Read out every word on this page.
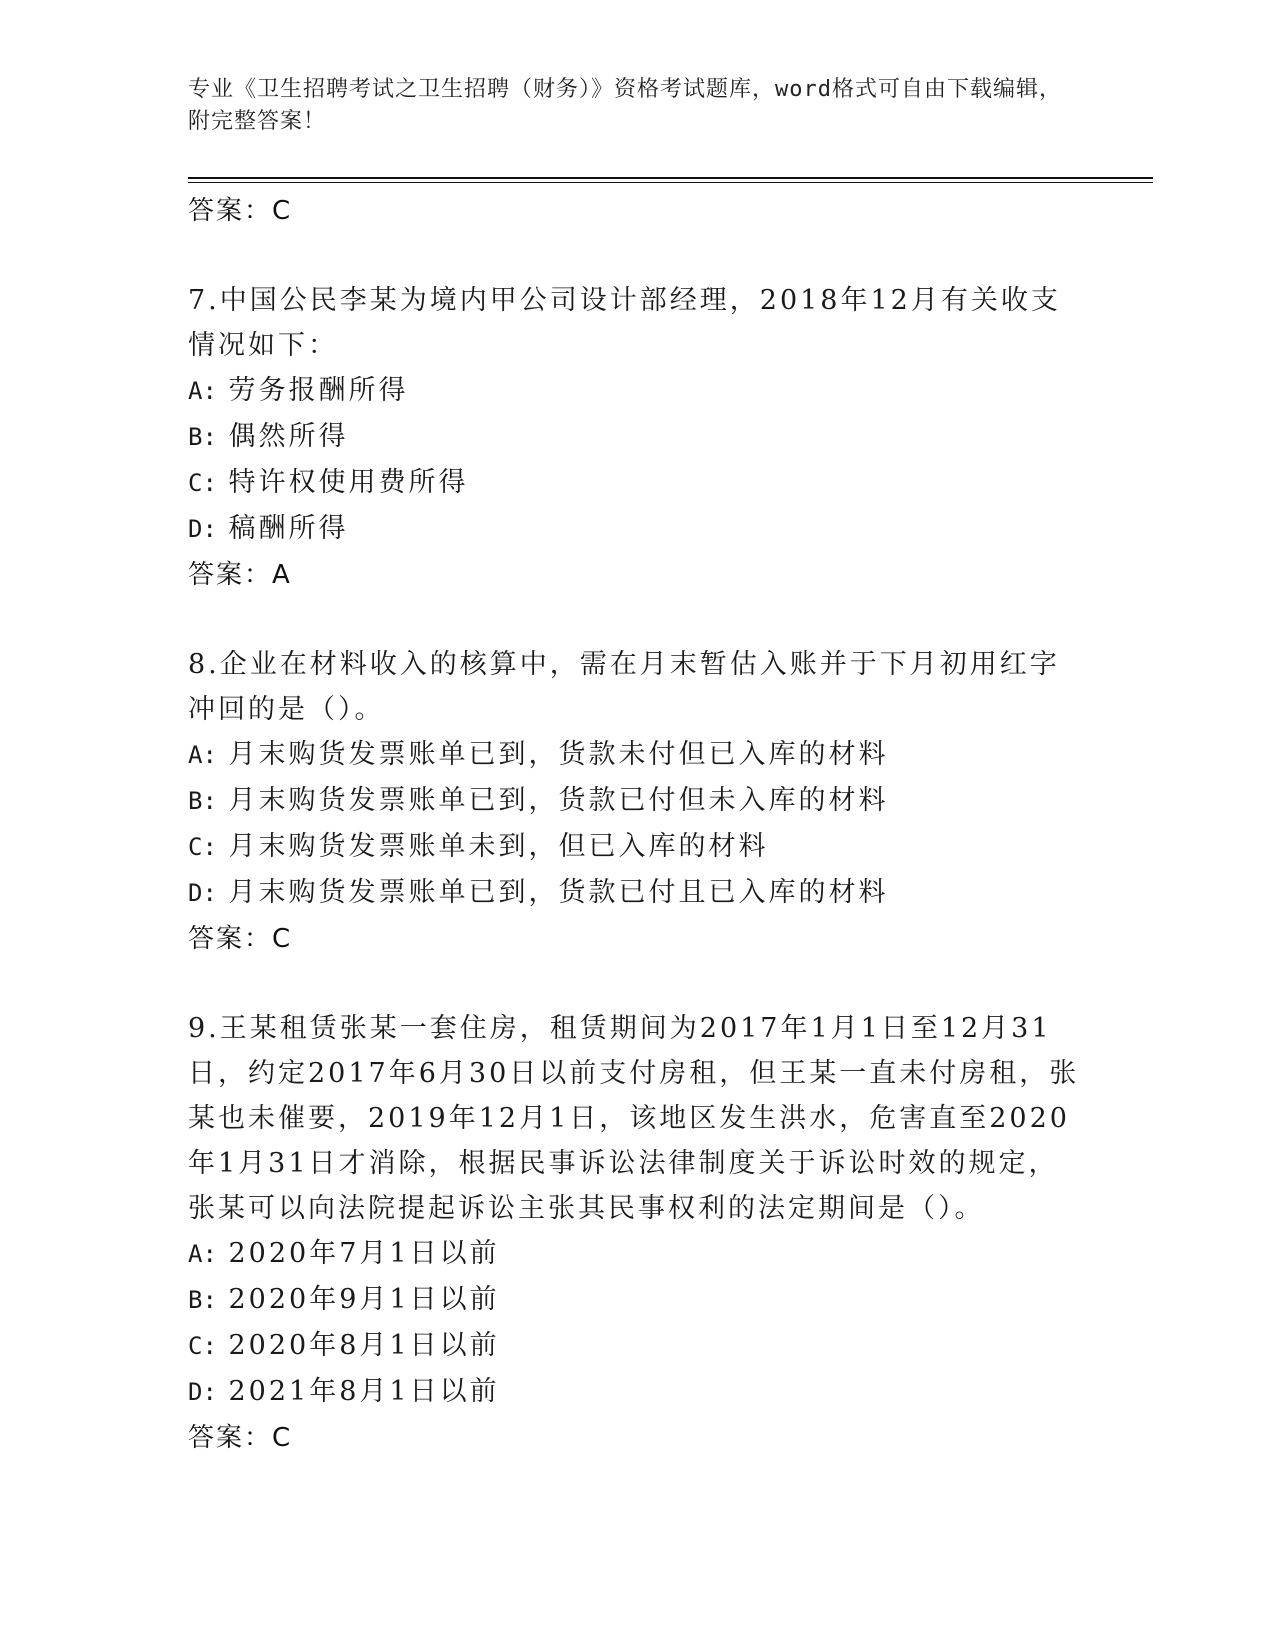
专业《卫生招聘考试之卫生招聘（财务）》资格考试题库，word格式可自由下载编辑，附完整答案！
答案：C

7.中国公民李某为境内甲公司设计部经理，2018年12月有关收支情况如下：

A: 劳务报酬所得
B: 偶然所得
C: 特许权使用费所得
D: 稿酬所得
答案：A

8.企业在材料收入的核算中，需在月末暂估入账并于下月初用红字冲回的是（）。

A: 月末购货发票账单已到，货款未付但已入库的材料
B: 月末购货发票账单已到，货款已付但未入库的材料
C: 月末购货发票账单未到，但已入库的材料
D: 月末购货发票账单已到，货款已付且已入库的材料
答案：C

9.王某租赁张某一套住房，租赁期间为2017年1月1日至12月31日，约定2017年6月30日以前支付房租，但王某一直未付房租，张某也未催要，2019年12月1日，该地区发生洪水，危害直至2020年1月31日才消除，根据民事诉讼法律制度关于诉讼时效的规定，张某可以向法院提起诉讼主张其民事权利的法定期间是（）。

A: 2020年7月1日以前
B: 2020年9月1日以前
C: 2020年8月1日以前
D: 2021年8月1日以前
答案：C
